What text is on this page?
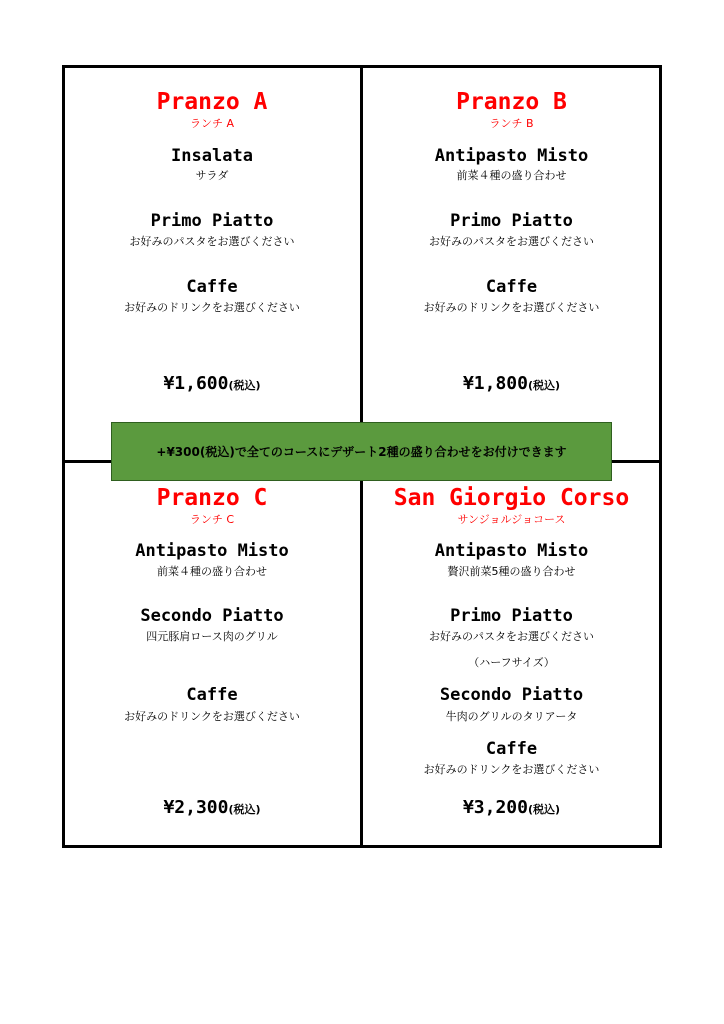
Pranzo A
ランチ A
Insalata
サラダ
Primo Piatto
お好みのパスタをお選びください
Caffe
お好みのドリンクをお選びください
¥1,600(税込)
Pranzo B
ランチ B
Antipasto Misto
前菜４種の盛り合わせ
Primo Piatto
お好みのパスタをお選びください
Caffe
お好みのドリンクをお選びください
¥1,800(税込)
Pranzo C
ランチ C
Antipasto Misto
前菜４種の盛り合わせ
Secondo Piatto
四元豚肩ロース肉のグリル
Caffe
お好みのドリンクをお選びください
¥2,300(税込)
San Giorgio Corso
サンジョルジョコース
Antipasto Misto
贅沢前菜5種の盛り合わせ
Primo Piatto
お好みのパスタをお選びください
（ハーフサイズ）
Secondo Piatto
牛肉のグリルのタリアータ
Caffe
お好みのドリンクをお選びください
¥3,200(税込)
+¥300(税込)で全てのコースにデザート2種の盛り合わせをお付けできます
